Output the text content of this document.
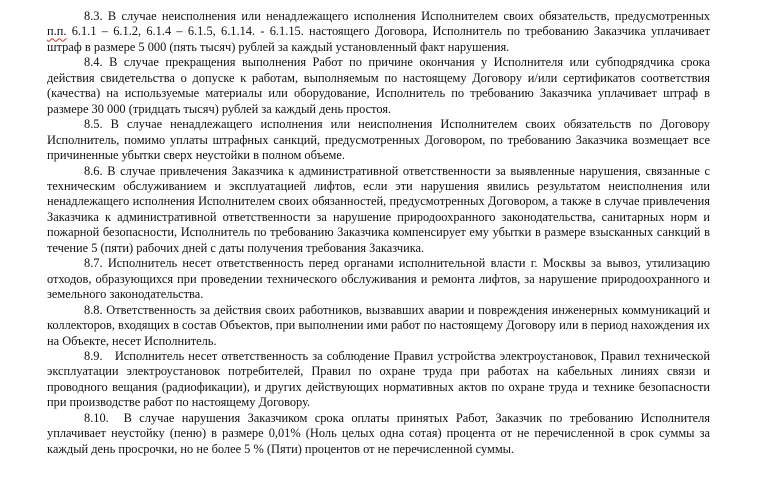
8.3. В случае неисполнения или ненадлежащего исполнения Исполнителем своих обязательств, предусмотренных п.п. 6.1.1 – 6.1.2, 6.1.4 – 6.1.5, 6.1.14. - 6.1.15. настоящего Договора, Исполнитель по требованию Заказчика уплачивает штраф в размере 5 000 (пять тысяч) рублей за каждый установленный факт нарушения.

8.4. В случае прекращения выполнения Работ по причине окончания у Исполнителя или субподрядчика срока действия свидетельства о допуске к работам, выполняемым по настоящему Договору и/или сертификатов соответствия (качества) на используемые материалы или оборудование, Исполнитель по требованию Заказчика уплачивает штраф в размере 30 000 (тридцать тысяч) рублей за каждый день простоя.

8.5. В случае ненадлежащего исполнения или неисполнения Исполнителем своих обязательств по Договору Исполнитель, помимо уплаты штрафных санкций, предусмотренных Договором, по требованию Заказчика возмещает все причиненные убытки сверх неустойки в полном объеме.

8.6. В случае привлечения Заказчика к административной ответственности за выявленные нарушения, связанные с техническим обслуживанием и эксплуатацией лифтов, если эти нарушения явились результатом неисполнения или ненадлежащего исполнения Исполнителем своих обязанностей, предусмотренных Договором, а также в случае привлечения Заказчика к административной ответственности за нарушение природоохранного законодательства, санитарных норм и пожарной безопасности, Исполнитель по требованию Заказчика компенсирует ему убытки в размере взысканных санкций в течение 5 (пяти) рабочих дней с даты получения требования Заказчика.

8.7. Исполнитель несет ответственность перед органами исполнительной власти г. Москвы за вывоз, утилизацию отходов, образующихся при проведении технического обслуживания и ремонта лифтов, за нарушение природоохранного и земельного законодательства.

8.8. Ответственность за действия своих работников, вызвавших аварии и повреждения инженерных коммуникаций и коллекторов, входящих в состав Объектов, при выполнении ими работ по настоящему Договору или в период нахождения их на Объекте, несет Исполнитель.

8.9.   Исполнитель несет ответственность за соблюдение Правил устройства электроустановок, Правил технической эксплуатации электроустановок потребителей, Правил по охране труда при работах на кабельных линиях связи и проводного вещания (радиофикации), и других действующих нормативных актов по охране труда и технике безопасности при производстве работ по настоящему Договору.

8.10.  В случае нарушения Заказчиком срока оплаты принятых Работ, Заказчик по требованию Исполнителя уплачивает неустойку (пеню) в размере 0,01% (Ноль целых одна сотая) процента от не перечисленной в срок суммы за каждый день просрочки, но не более 5 % (Пяти) процентов от не перечисленной суммы.
